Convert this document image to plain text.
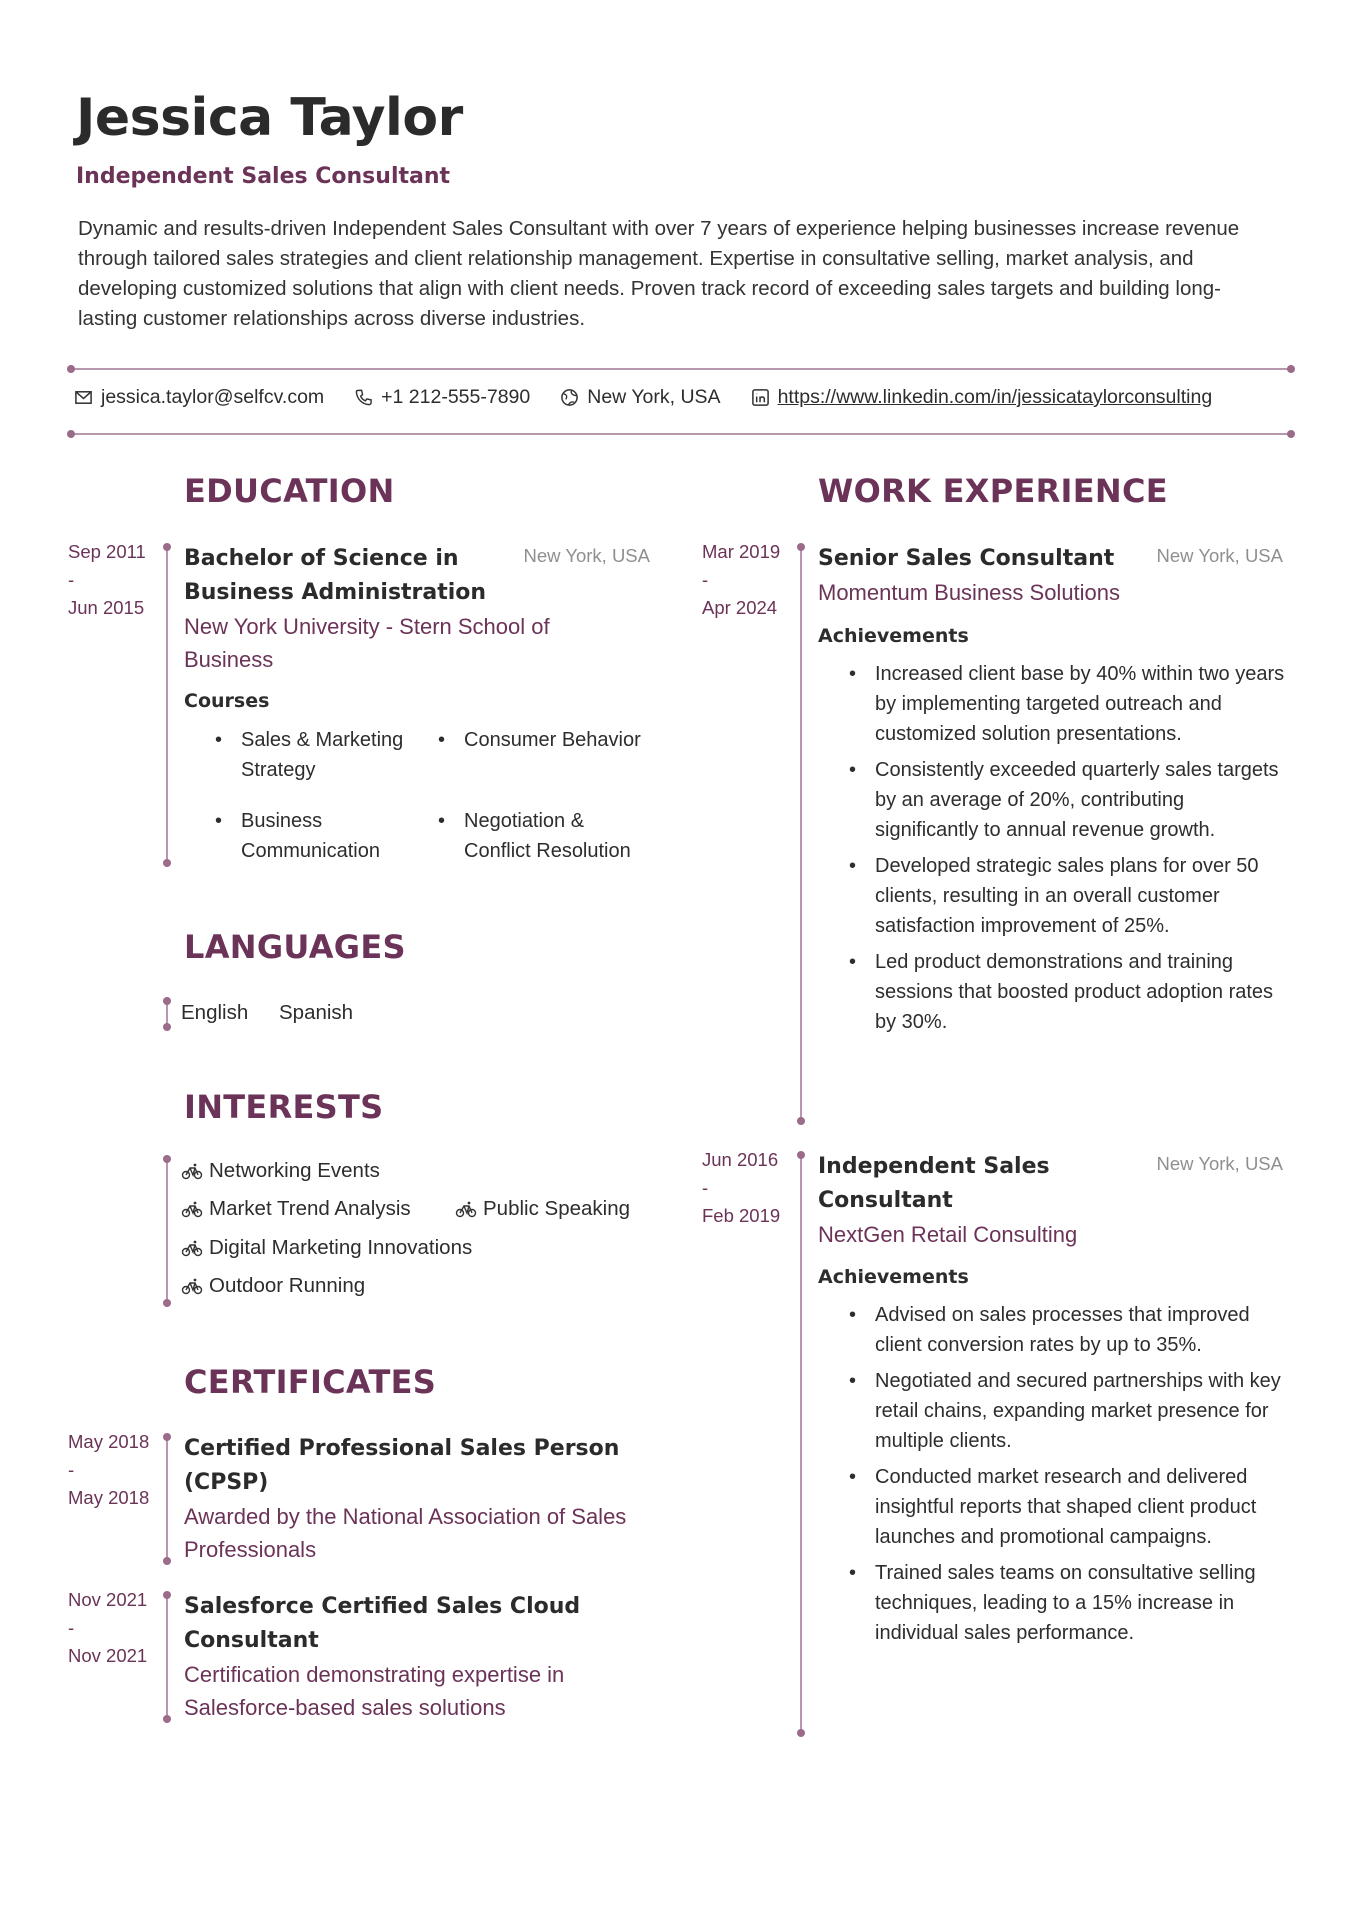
Jessica Taylor
Independent Sales Consultant
Dynamic and results-driven Independent Sales Consultant with over 7 years of experience helping businesses increase revenue through tailored sales strategies and client relationship management. Expertise in consultative selling, market analysis, and developing customized solutions that align with client needs. Proven track record of exceeding sales targets and building long-lasting customer relationships across diverse industries.
jessica.taylor@selfcv.com	+1 212-555-7890	New York, USA	https://www.linkedin.com/in/jessicataylorconsulting
EDUCATION
Sep 2011
-
Jun 2015
Bachelor of Science in Business Administration
New York, USA
New York University - Stern School of Business
Courses
• Sales & Marketing Strategy
• Consumer Behavior
• Business Communication
• Negotiation & Conflict Resolution
LANGUAGES
English Spanish
INTERESTS
Networking Events
Market Trend Analysis	Public Speaking
Digital Marketing Innovations
Outdoor Running
CERTIFICATES
May 2018
-
May 2018
Certified Professional Sales Person (CPSP)
Awarded by the National Association of Sales Professionals
Nov 2021
-
Nov 2021
Salesforce Certified Sales Cloud Consultant
Certification demonstrating expertise in Salesforce-based sales solutions
WORK EXPERIENCE
Mar 2019
-
Apr 2024
Senior Sales Consultant	New York, USA
Momentum Business Solutions
Achievements
• Increased client base by 40% within two years by implementing targeted outreach and customized solution presentations.
• Consistently exceeded quarterly sales targets by an average of 20%, contributing significantly to annual revenue growth.
• Developed strategic sales plans for over 50 clients, resulting in an overall customer satisfaction improvement of 25%.
• Led product demonstrations and training sessions that boosted product adoption rates by 30%.
Jun 2016
-
Feb 2019
Independent Sales Consultant
New York, USA
NextGen Retail Consulting
Achievements
• Advised on sales processes that improved client conversion rates by up to 35%.
• Negotiated and secured partnerships with key retail chains, expanding market presence for multiple clients.
• Conducted market research and delivered insightful reports that shaped client product launches and promotional campaigns.
• Trained sales teams on consultative selling techniques, leading to a 15% increase in individual sales performance.
